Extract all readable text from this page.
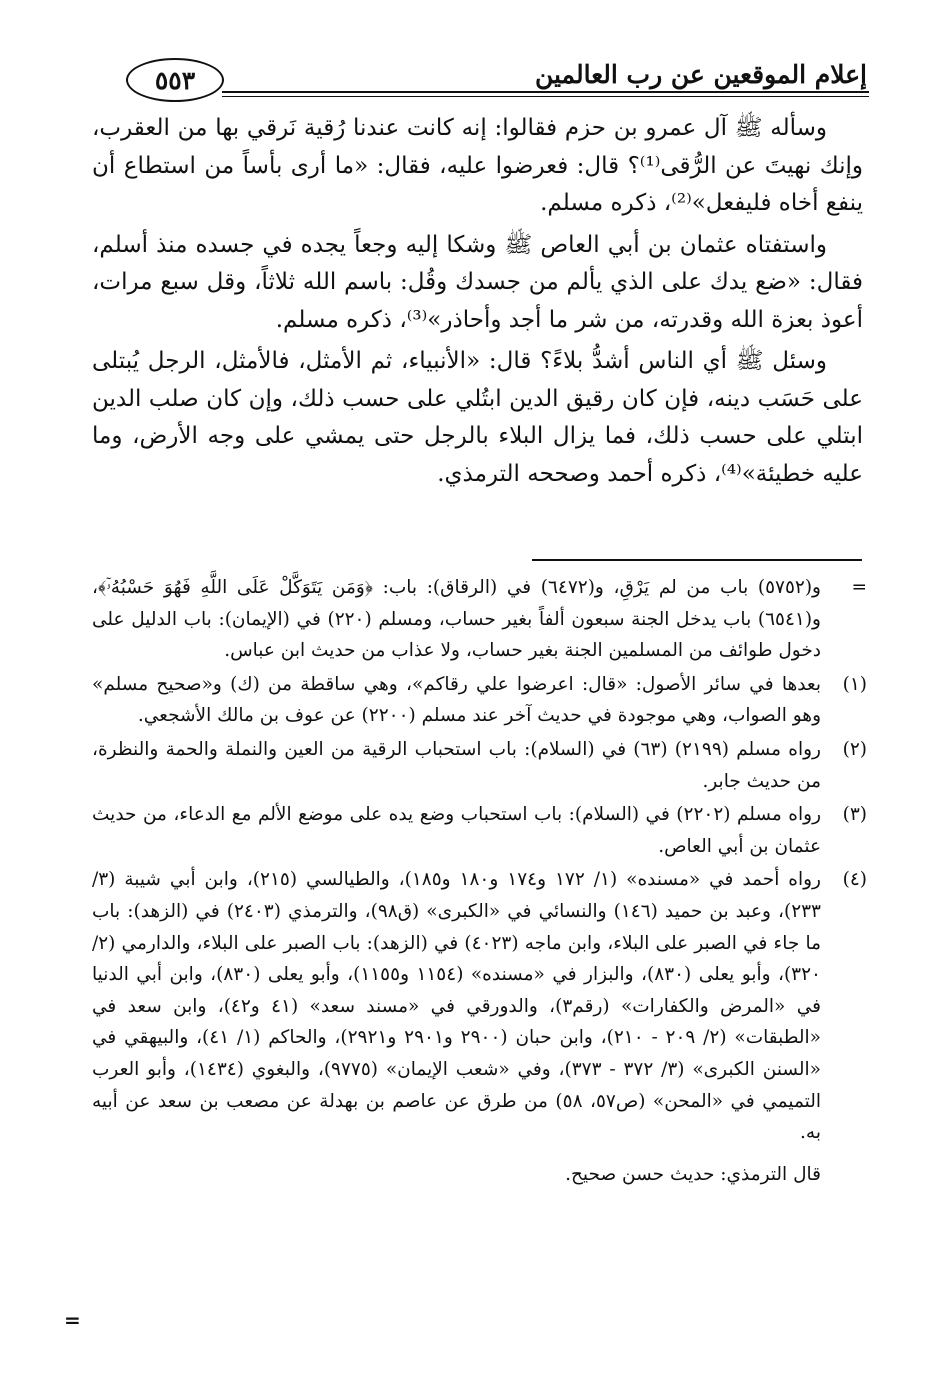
إعلام الموقعين عن رب العالمين
٥٥٣

وسأله ﷺ آل عمرو بن حزم فقالوا: إنه كانت عندنا رُقية نَرقي بها من العقرب، وإنك نهيتَ عن الرُّقى⁽¹⁾؟ قال: فعرضوا عليه، فقال: «ما أرى بأساً من استطاع أن ينفع أخاه فليفعل»⁽²⁾، ذكره مسلم.

واستفتاه عثمان بن أبي العاص ﷺ وشكا إليه وجعاً يجده في جسده منذ أسلم، فقال: «ضع يدك على الذي يألم من جسدك وقُل: باسم الله ثلاثاً، وقل سبع مرات، أعوذ بعزة الله وقدرته، من شر ما أجد وأحاذر»⁽³⁾، ذكره مسلم.

وسئل ﷺ أي الناس أشدُّ بلاءً؟ قال: «الأنبياء، ثم الأمثل، فالأمثل، الرجل يُبتلى على حَسَب دينه، فإن كان رقيق الدين ابتُلي على حسب ذلك، وإن كان صلب الدين ابتلي على حسب ذلك، فما يزال البلاء بالرجل حتى يمشي على وجه الأرض، وما عليه خطيئة»⁽⁴⁾، ذكره أحمد وصححه الترمذي.

=
و(٥٧٥٢) باب من لم يَرْقِ، و(٦٤٧٢) في (الرقاق): باب: ﴿وَمَن يَتَوَكَّلْ عَلَى اللَّهِ فَهُوَ حَسْبُهُۥٓ﴾، و(٦٥٤١) باب يدخل الجنة سبعون ألفاً بغير حساب، ومسلم (٢٢٠) في (الإيمان): باب الدليل على دخول طوائف من المسلمين الجنة بغير حساب، ولا عذاب من حديث ابن عباس.
(١)
بعدها في سائر الأصول: «قال: اعرضوا علي رقاكم»، وهي ساقطة من (ك) و«صحيح مسلم» وهو الصواب، وهي موجودة في حديث آخر عند مسلم (٢٢٠٠) عن عوف بن مالك الأشجعي.
(٢)
رواه مسلم (٢١٩٩) (٦٣) في (السلام): باب استحباب الرقية من العين والنملة والحمة والنظرة، من حديث جابر.
(٣)
رواه مسلم (٢٢٠٢) في (السلام): باب استحباب وضع يده على موضع الألم مع الدعاء، من حديث عثمان بن أبي العاص.
(٤)
رواه أحمد في «مسنده» (١/ ١٧٢ و١٧٤ و١٨٠ و١٨٥)، والطيالسي (٢١٥)، وابن أبي شيبة (٣/ ٢٣٣)، وعبد بن حميد (١٤٦) والنسائي في «الكبرى» (ق٩٨)، والترمذي (٢٤٠٣) في (الزهد): باب ما جاء في الصبر على البلاء، وابن ماجه (٤٠٢٣) في (الزهد): باب الصبر على البلاء، والدارمي (٢/ ٣٢٠)، وأبو يعلى (٨٣٠)، والبزار في «مسنده» (١١٥٤ و١١٥٥)، وأبو يعلى (٨٣٠)، وابن أبي الدنيا في «المرض والكفارات» (رقم٣)، والدورقي في «مسند سعد» (٤١ و٤٢)، وابن سعد في «الطبقات» (٢/ ٢٠٩ - ٢١٠)، وابن حبان (٢٩٠٠ و٢٩٠١ و٢٩٢١)، والحاكم (١/ ٤١)، والبيهقي في «السنن الكبرى» (٣/ ٣٧٢ - ٣٧٣)، وفي «شعب الإيمان» (٩٧٧٥)، والبغوي (١٤٣٤)، وأبو العرب التميمي في «المحن» (ص٥٧، ٥٨) من طرق عن عاصم بن بهدلة عن مصعب بن سعد عن أبيه به.
قال الترمذي: حديث حسن صحيح.
=
